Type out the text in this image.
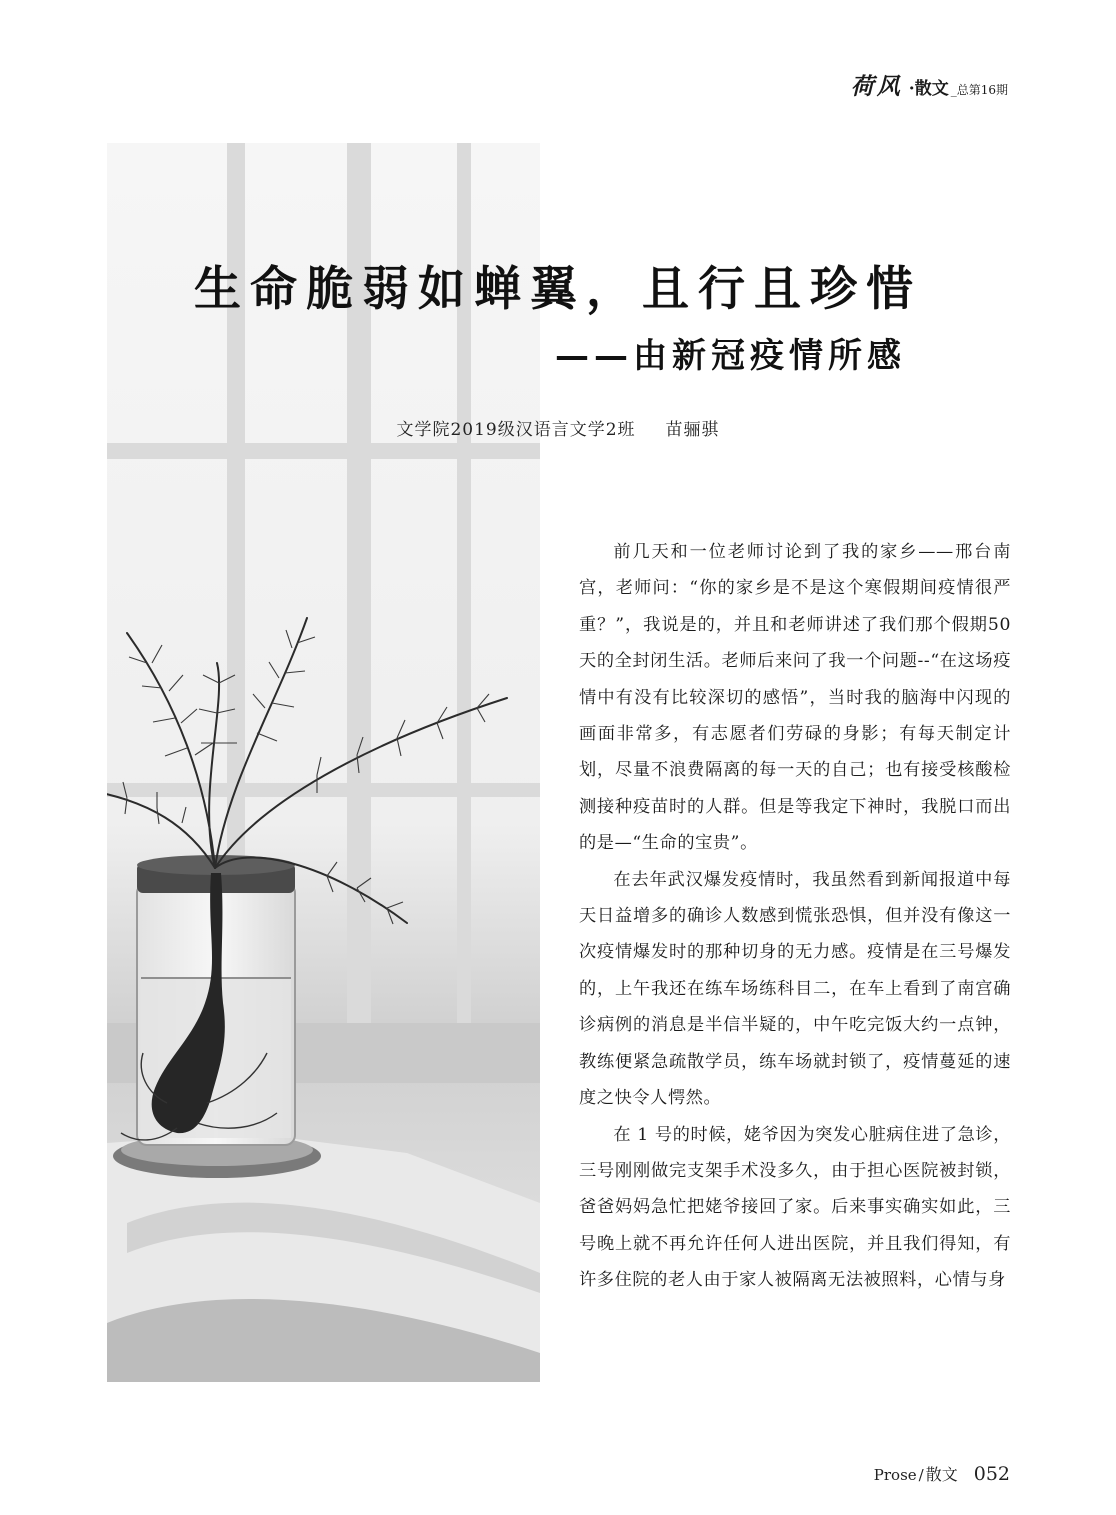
荷风 ·散文 _总第16期
生命脆弱如蝉翼，且行且珍惜
——由新冠疫情所感
文学院2019级汉语言文学2班 苗骊骐

前几天和一位老师讨论到了我的家乡——邢台南宫，老师问：“你的家乡是不是这个寒假期间疫情很严重？”，我说是的，并且和老师讲述了我们那个假期50天的全封闭生活。老师后来问了我一个问题--“在这场疫情中有没有比较深切的感悟”，当时我的脑海中闪现的画面非常多，有志愿者们劳碌的身影；有每天制定计划，尽量不浪费隔离的每一天的自己；也有接受核酸检测接种疫苗时的人群。但是等我定下神时，我脱口而出的是—“生命的宝贵”。

在去年武汉爆发疫情时，我虽然看到新闻报道中每天日益增多的确诊人数感到慌张恐惧，但并没有像这一次疫情爆发时的那种切身的无力感。疫情是在三号爆发的，上午我还在练车场练科目二，在车上看到了南宫确诊病例的消息是半信半疑的，中午吃完饭大约一点钟，教练便紧急疏散学员，练车场就封锁了，疫情蔓延的速度之快令人愕然。

在 1 号的时候，姥爷因为突发心脏病住进了急诊，三号刚刚做完支架手术没多久，由于担心医院被封锁，爸爸妈妈急忙把姥爷接回了家。后来事实确实如此，三号晚上就不再允许任何人进出医院，并且我们得知，有许多住院的老人由于家人被隔离无法被照料，心情与身

Prose / 散文 052
